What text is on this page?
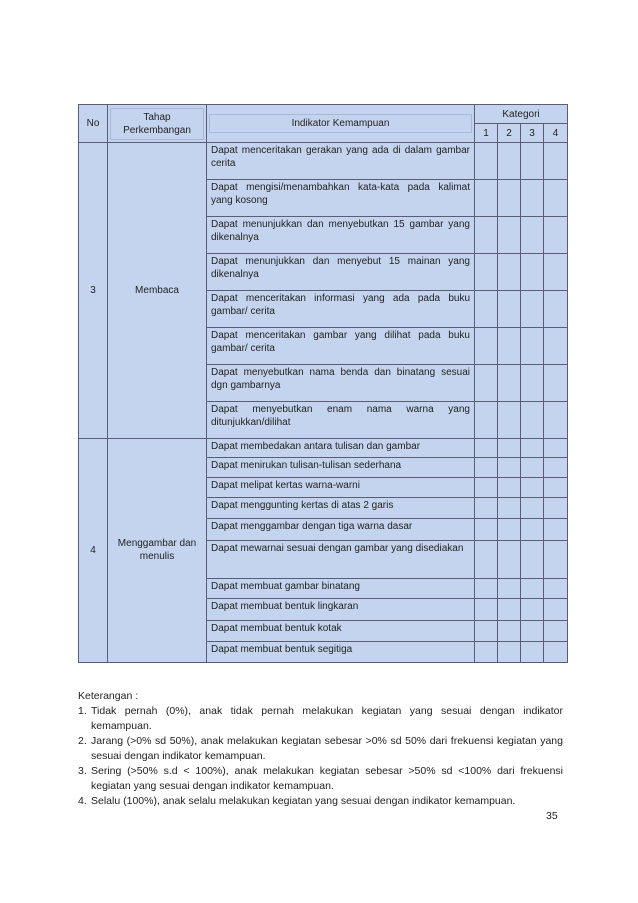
No	Tahap Perkembangan	Indikator Kemampuan	Kategori			
			1	2	3	4
3	Membaca	Dapat menceritakan gerakan yang ada di dalam gambar cerita				
		Dapat mengisi/menambahkan kata-kata pada kalimat yang kosong				
		Dapat menunjukkan dan menyebutkan 15 gambar yang dikenalnya				
		Dapat menunjukkan dan menyebut 15 mainan yang dikenalnya				
		Dapat menceritakan informasi yang ada pada buku gambar/ cerita				
		Dapat menceritakan gambar yang dilihat pada buku gambar/ cerita				
		Dapat menyebutkan nama benda dan binatang sesuai dgn gambarnya				
		Dapat menyebutkan enam nama warna yang ditunjukkan/dilihat				
4	Menggambar dan menulis	Dapat membedakan antara tulisan dan gambar				
		Dapat menirukan tulisan-tulisan sederhana				
		Dapat melipat kertas warna-warni				
		Dapat menggunting kertas di atas 2 garis				
		Dapat menggambar dengan tiga warna dasar				
		Dapat mewarnai sesuai dengan gambar yang disediakan				
		Dapat membuat gambar binatang				
		Dapat membuat bentuk lingkaran				
		Dapat membuat bentuk kotak				
		Dapat membuat bentuk segitiga				
Keterangan :
1. Tidak pernah (0%), anak tidak pernah melakukan kegiatan yang sesuai dengan indikator kemampuan.
2. Jarang (>0% sd 50%), anak melakukan kegiatan sebesar >0% sd 50% dari frekuensi kegiatan yang sesuai dengan indikator kemampuan.
3. Sering (>50% s.d < 100%), anak melakukan kegiatan sebesar >50% sd <100% dari frekuensi kegiatan yang sesuai dengan indikator kemampuan.
4. Selalu (100%), anak selalu melakukan kegiatan yang sesuai dengan indikator kemampuan.
35
